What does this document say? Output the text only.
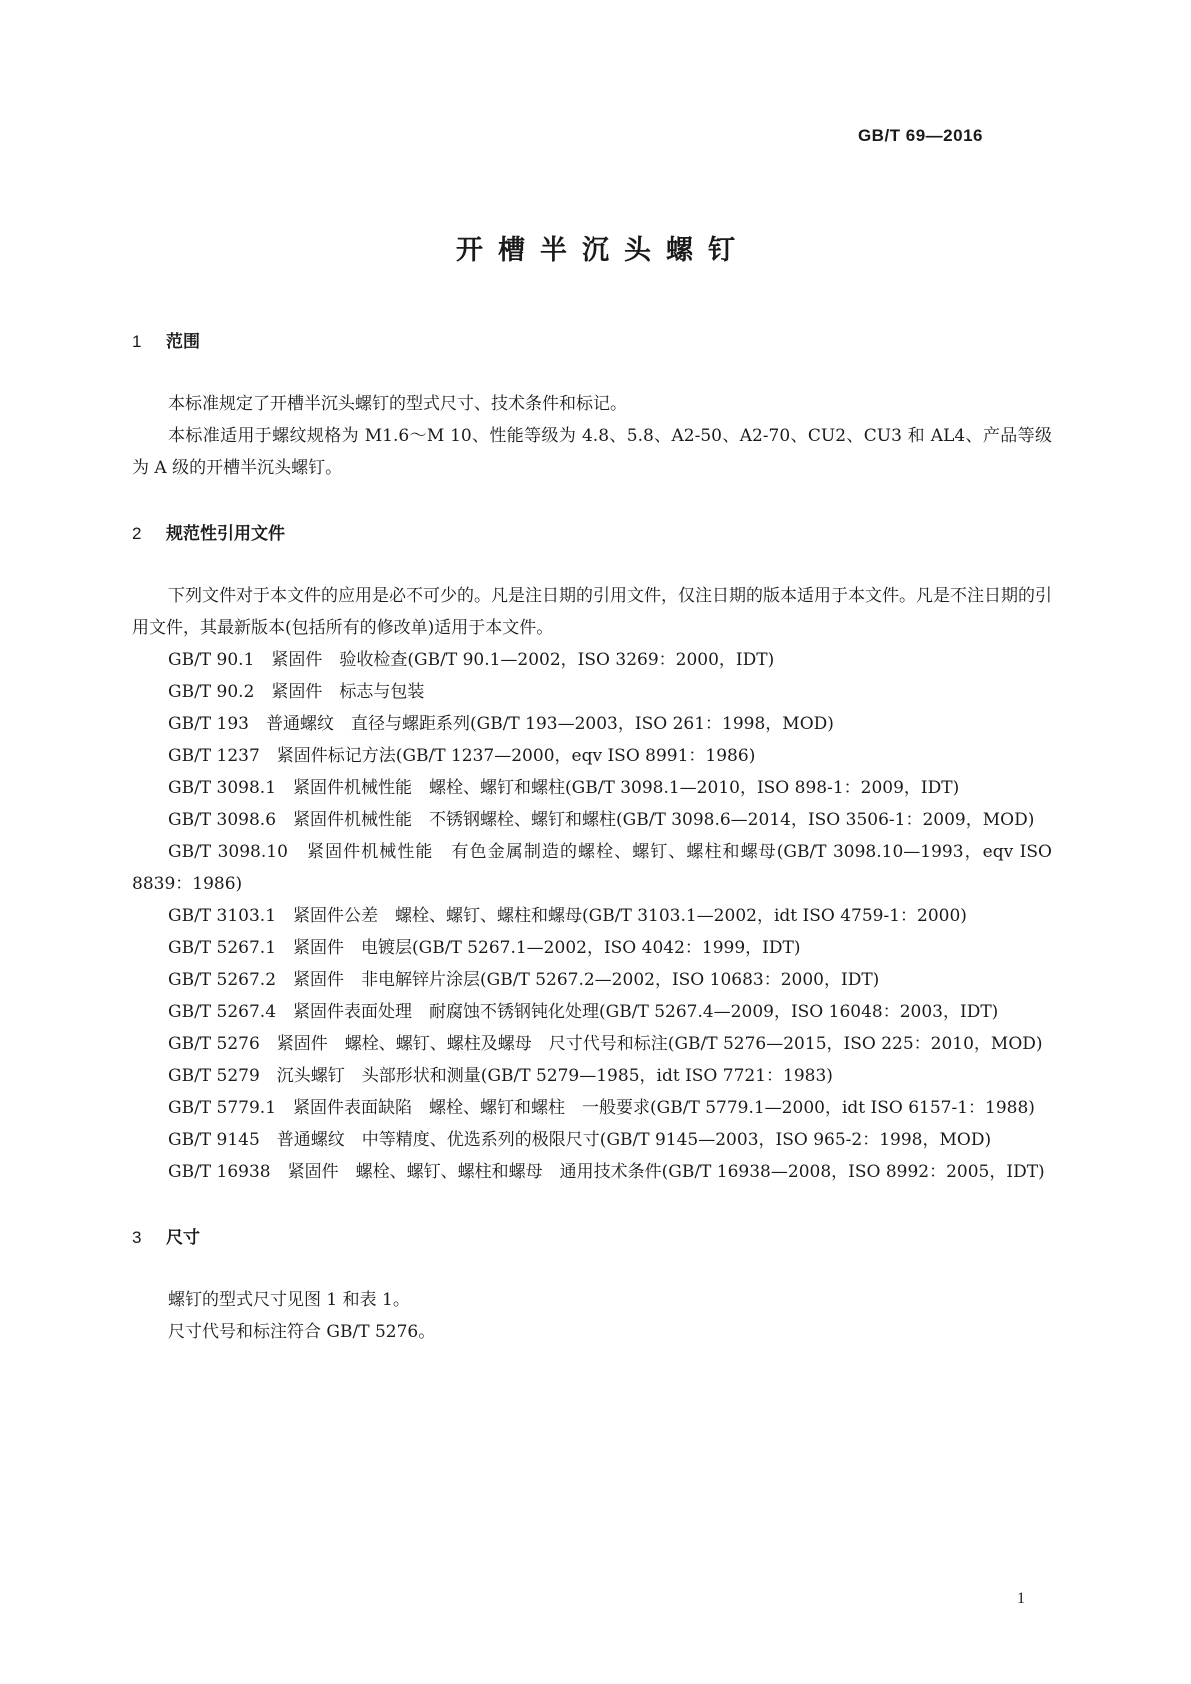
GB/T 69—2016
开槽半沉头螺钉
1 范围

本标准规定了开槽半沉头螺钉的型式尺寸、技术条件和标记。

本标准适用于螺纹规格为 M1.6～M 10、性能等级为 4.8、5.8、A2-50、A2-70、CU2、CU3 和 AL4、产品等级为 A 级的开槽半沉头螺钉。

2 规范性引用文件

下列文件对于本文件的应用是必不可少的。凡是注日期的引用文件，仅注日期的版本适用于本文件。凡是不注日期的引用文件，其最新版本(包括所有的修改单)适用于本文件。

GB/T 90.1　紧固件　验收检查(GB/T 90.1—2002，ISO 3269：2000，IDT)

GB/T 90.2　紧固件　标志与包装

GB/T 193　普通螺纹　直径与螺距系列(GB/T 193—2003，ISO 261：1998，MOD)

GB/T 1237　紧固件标记方法(GB/T 1237—2000，eqv ISO 8991：1986)

GB/T 3098.1　紧固件机械性能　螺栓、螺钉和螺柱(GB/T 3098.1—2010，ISO 898-1：2009，IDT)

GB/T 3098.6　紧固件机械性能　不锈钢螺栓、螺钉和螺柱(GB/T 3098.6—2014，ISO 3506-1：2009，MOD)

GB/T 3098.10　紧固件机械性能　有色金属制造的螺栓、螺钉、螺柱和螺母(GB/T 3098.10—1993，eqv ISO 8839：1986)

GB/T 3103.1　紧固件公差　螺栓、螺钉、螺柱和螺母(GB/T 3103.1—2002，idt ISO 4759-1：2000)

GB/T 5267.1　紧固件　电镀层(GB/T 5267.1—2002，ISO 4042：1999，IDT)

GB/T 5267.2　紧固件　非电解锌片涂层(GB/T 5267.2—2002，ISO 10683：2000，IDT)

GB/T 5267.4　紧固件表面处理　耐腐蚀不锈钢钝化处理(GB/T 5267.4—2009，ISO 16048：2003，IDT)

GB/T 5276　紧固件　螺栓、螺钉、螺柱及螺母　尺寸代号和标注(GB/T 5276—2015，ISO 225：2010，MOD)

GB/T 5279　沉头螺钉　头部形状和测量(GB/T 5279—1985，idt ISO 7721：1983)

GB/T 5779.1　紧固件表面缺陷　螺栓、螺钉和螺柱　一般要求(GB/T 5779.1—2000，idt ISO 6157-1：1988)

GB/T 9145　普通螺纹　中等精度、优选系列的极限尺寸(GB/T 9145—2003，ISO 965-2：1998，MOD)

GB/T 16938　紧固件　螺栓、螺钉、螺柱和螺母　通用技术条件(GB/T 16938—2008，ISO 8992：2005，IDT)

3 尺寸

螺钉的型式尺寸见图 1 和表 1。

尺寸代号和标注符合 GB/T 5276。

1
